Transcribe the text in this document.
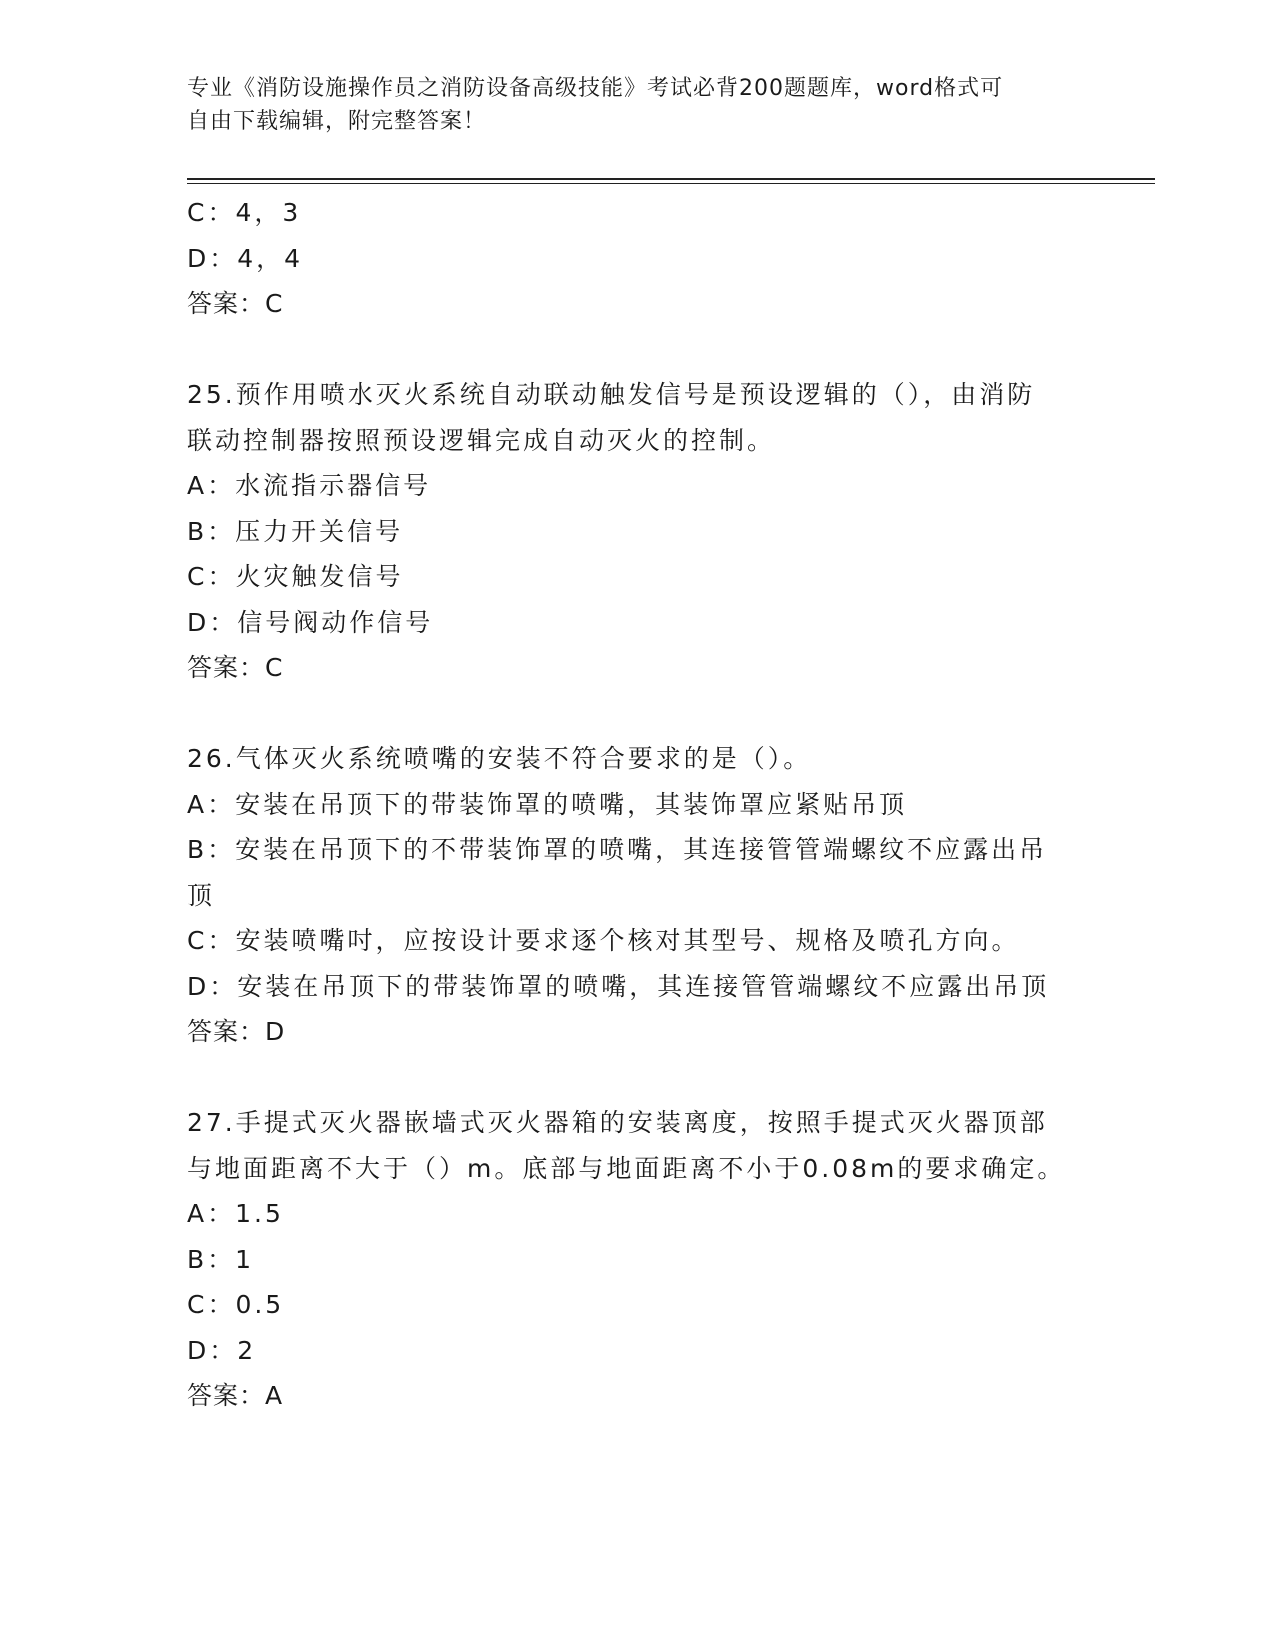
专业《消防设施操作员之消防设备高级技能》考试必背200题题库，word格式可
自由下载编辑，附完整答案！
C：4，3
D：4，4
答案：C
25.预作用喷水灭火系统自动联动触发信号是预设逻辑的（），由消防
联动控制器按照预设逻辑完成自动灭火的控制。
A：水流指示器信号
B：压力开关信号
C：火灾触发信号
D：信号阀动作信号
答案：C
26.气体灭火系统喷嘴的安装不符合要求的是（）。
A：安装在吊顶下的带装饰罩的喷嘴，其装饰罩应紧贴吊顶
B：安装在吊顶下的不带装饰罩的喷嘴，其连接管管端螺纹不应露出吊
顶
C：安装喷嘴吋，应按设计要求逐个核对其型号、规格及喷孔方向。
D：安装在吊顶下的带装饰罩的喷嘴，其连接管管端螺纹不应露出吊顶
答案：D
27.手提式灭火器嵌墙式灭火器箱的安装离度，按照手提式灭火器顶部
与地面距离不大于（）m。底部与地面距离不小于0.08m的要求确定。
A：1.5
B：1
C：0.5
D：2
答案：A
